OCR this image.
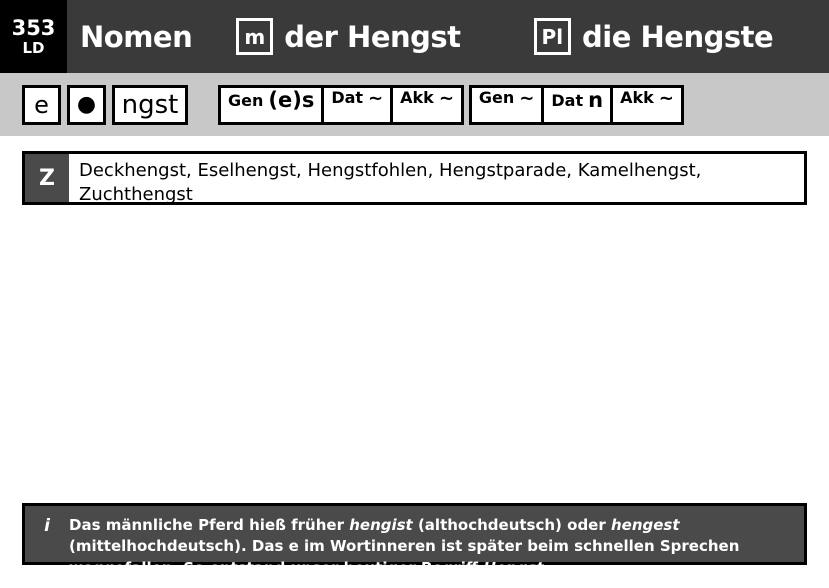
353
LD Nomen	m der Hengst	Pl die Hengste
e	● ngst	Gen (e)s Dat ∼ Akk ∼ Gen ∼ Dat n Akk ∼
Z	Deckhengst, Eselhengst, Hengstfohlen, Hengstparade, Kamelhengst, Zuchthengst
i	Das männliche Pferd hieß früher hengist (althochdeutsch) oder hengest (mittelhochdeutsch). Das e im Wortinneren ist später beim schnellen Sprechen weggefallen. So entstand unser heutiger Begriff Hengst.
